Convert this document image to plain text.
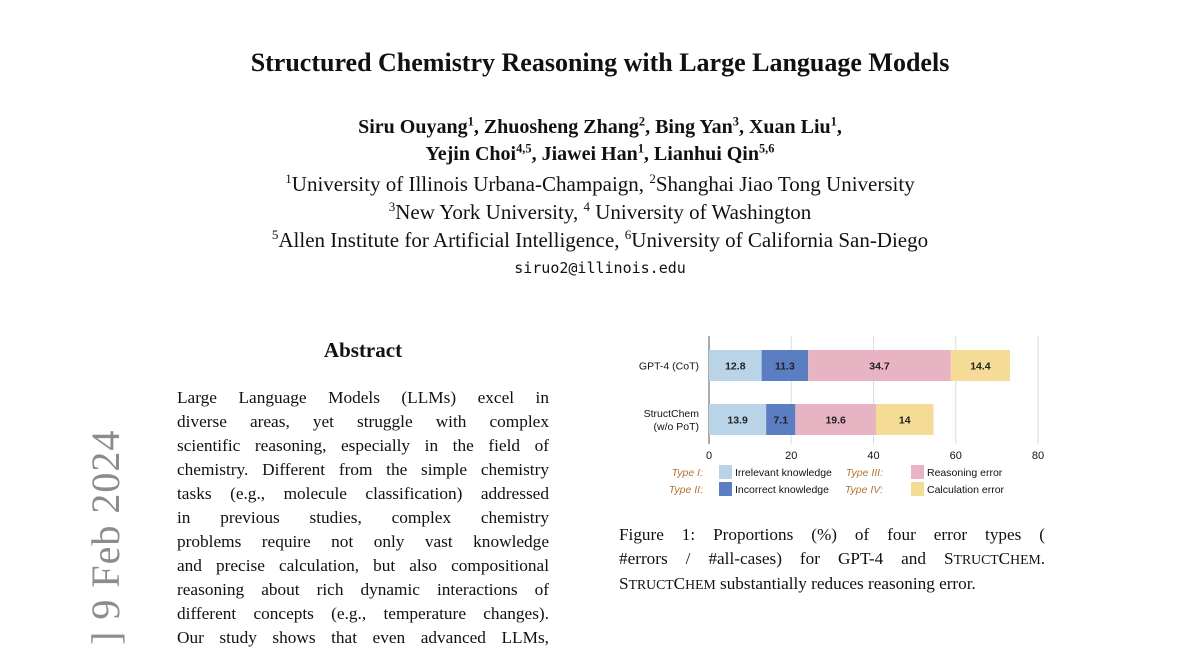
Structured Chemistry Reasoning with Large Language Models
Siru Ouyang$^1$, Zhuosheng Zhang$^2$, Bing Yan$^3$, Xuan Liu$^1$,
Yejin Choi$^{4,5}$, Jiawei Han$^1$, Lianhui Qin$^{5,6}$
$^1$University of Illinois Urbana-Champaign, $^2$Shanghai Jiao Tong University
$^3$New York University, $^4$ University of Washington
$^5$Allen Institute for Artificial Intelligence, $^6$University of California San-Diego
siruo2@illinois.edu
] 9 Feb 2024
Abstract
Large Language Models (LLMs) excel in
diverse areas, yet struggle with complex
scientific reasoning, especially in the field of
chemistry. Different from the simple chemistry
tasks (e.g., molecule classification) addressed
in previous studies, complex chemistry
problems require not only vast knowledge
and precise calculation, but also compositional
reasoning about rich dynamic interactions of
different concepts (e.g., temperature changes).
Our study shows that even advanced LLMs,
0	20	40	60	80
GPT-4 (CoT) 12.8	11.3	34.7	14.4
StructChem
(w/o PoT)
13.9 7.1	19.6	14
Type I:	Irrelevant knowledge Type III:	Reasoning error
Type II:	Incorrect knowledge Type IV:	Calculation error
Figure 1: Proportions (%) of four error types (
#errors / #all-cases) for GPT-4 and STRUCTCHEM.
STRUCTCHEM substantially reduces reasoning error.
